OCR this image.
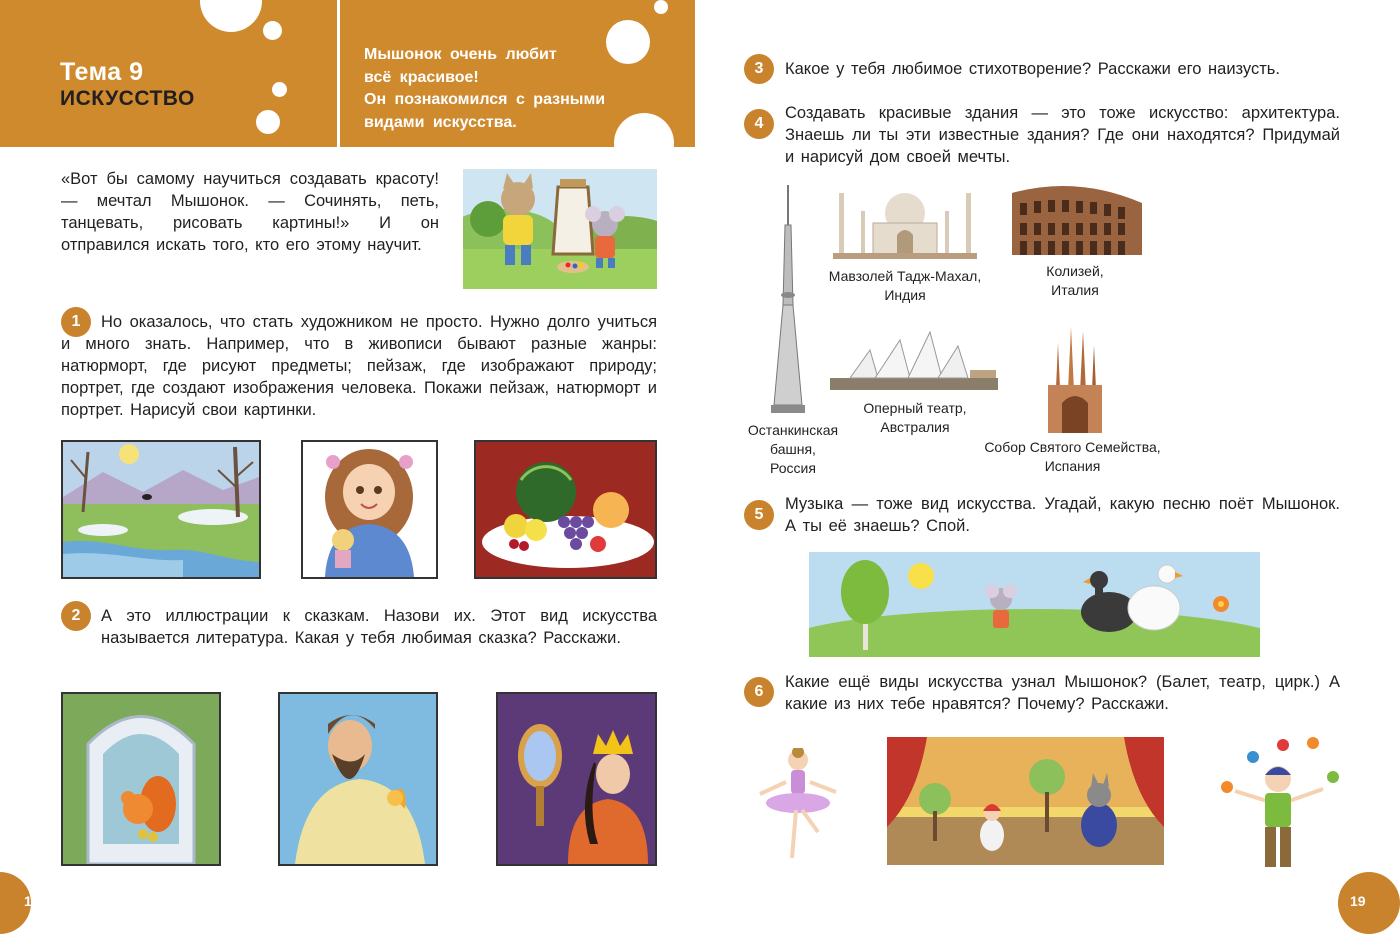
Тема 9
ИСКУССТВО
Мышонок очень любит
всё красивое!
Он познакомился с разными
видами искусства.
«Вот бы самому научиться создавать красоту! — мечтал Мышонок. — Сочинять, петь, танцевать, рисовать картины!» И он отправился искать того, кто его этому научит.
1	Но оказалось, что стать художником не просто. Нужно долго учиться и много знать. Например, что в живописи бывают разные жанры: натюрморт, где рисуют предметы; пейзаж, где изображают природу; портрет, где создают изображения человека. Покажи пейзаж, натюрморт и портрет. Нарисуй свои картинки.
2	А это иллюстрации к сказкам. Назови их. Этот вид искусства называется литература. Какая у тебя любимая сказка? Расскажи.
18
3	Какое у тебя любимое стихотворение? Расскажи его наизусть.
4
Создавать красивые здания — это тоже искусство: архитектура. Знаешь ли ты эти известные здания? Где они находятся? Придумай и нарисуй дом своей мечты.
Останкинская
башня,
Россия
Мавзолей Тадж-Махал,
Индия
Колизей,
Италия
Оперный театр,
Австралия
Собор Святого Семейства,
Испания
5
Музыка — тоже вид искусства. Угадай, какую песню поёт Мышонок. А ты её знаешь? Спой.
6
Какие ещё виды искусства узнал Мышонок? (Балет, театр, цирк.) А какие из них тебе нравятся? Почему? Расскажи.
19
